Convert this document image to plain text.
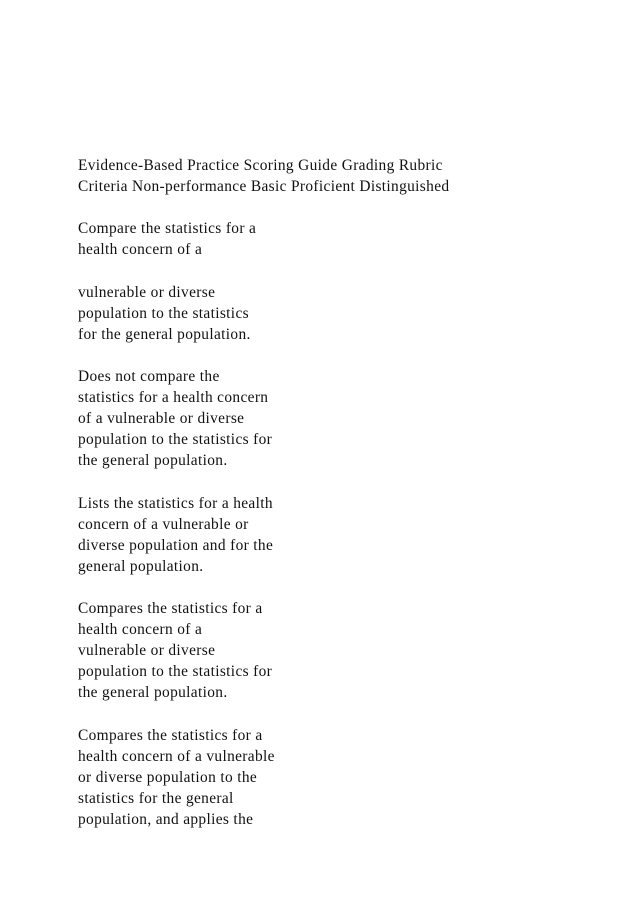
Evidence-Based Practice Scoring Guide Grading Rubric
Criteria Non-performance Basic Proficient Distinguished
Compare the statistics for a
health concern of a
vulnerable or diverse
population to the statistics
for the general population.
Does not compare the
statistics for a health concern
of a vulnerable or diverse
population to the statistics for
the general population.
Lists the statistics for a health
concern of a vulnerable or
diverse population and for the
general population.
Compares the statistics for a
health concern of a
vulnerable or diverse
population to the statistics for
the general population.
Compares the statistics for a
health concern of a vulnerable
or diverse population to the
statistics for the general
population, and applies the
